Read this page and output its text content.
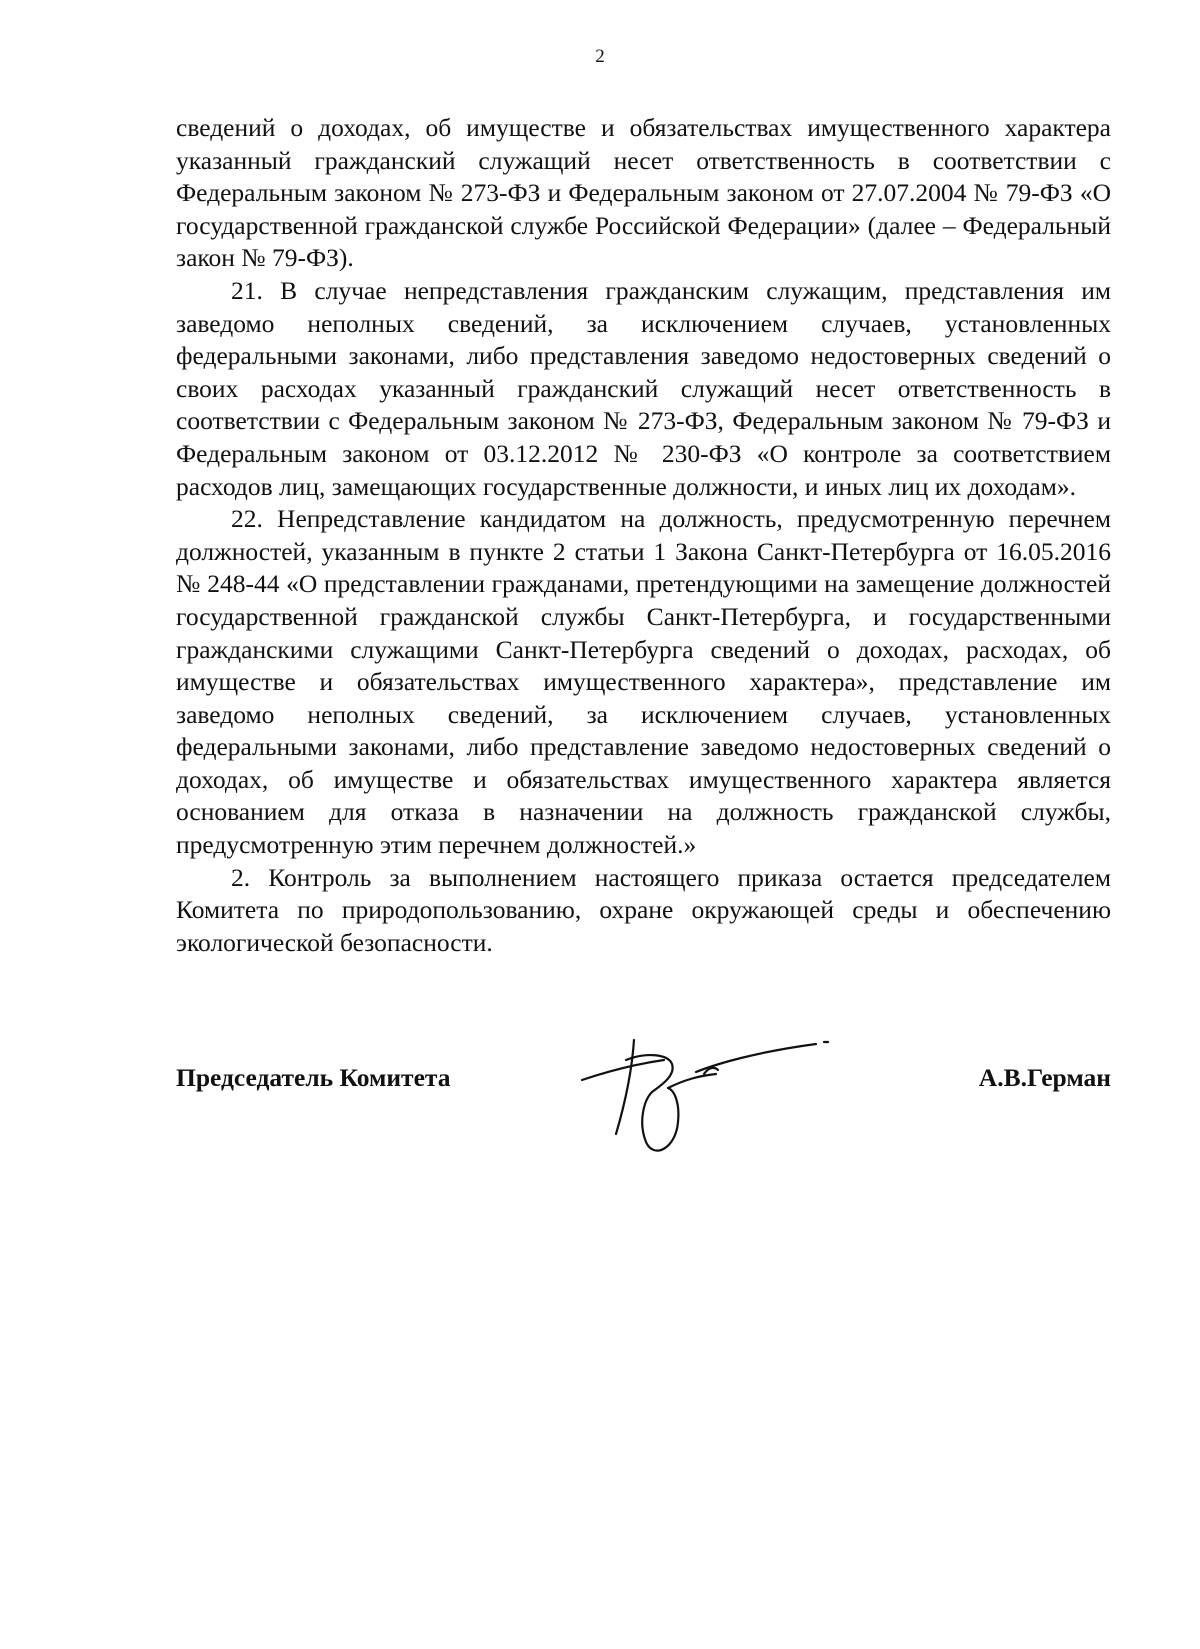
2

сведений о доходах, об имуществе и обязательствах имущественного характера указанный гражданский служащий несет ответственность в соответствии с Федеральным законом № 273-ФЗ и Федеральным законом от 27.07.2004 № 79-ФЗ «О государственной гражданской службе Российской Федерации» (далее – Федеральный закон № 79-ФЗ).

21. В случае непредставления гражданским служащим, представления им заведомо неполных сведений, за исключением случаев, установленных федеральными законами, либо представления заведомо недостоверных сведений о своих расходах указанный гражданский служащий несет ответственность в соответствии с Федеральным законом № 273-ФЗ, Федеральным законом № 79-ФЗ и Федеральным законом от 03.12.2012 № 230-ФЗ «О контроле за соответствием расходов лиц, замещающих государственные должности, и иных лиц их доходам».

22. Непредставление кандидатом на должность, предусмотренную перечнем должностей, указанным в пункте 2 статьи 1 Закона Санкт-Петербурга от 16.05.2016 № 248-44 «О представлении гражданами, претендующими на замещение должностей государственной гражданской службы Санкт-Петербурга, и государственными гражданскими служащими Санкт-Петербурга сведений о доходах, расходах, об имуществе и обязательствах имущественного характера», представление им заведомо неполных сведений, за исключением случаев, установленных федеральными законами, либо представление заведомо недостоверных сведений о доходах, об имуществе и обязательствах имущественного характера является основанием для отказа в назначении на должность гражданской службы, предусмотренную этим перечнем должностей.»

2. Контроль за выполнением настоящего приказа остается председателем Комитета по природопользованию, охране окружающей среды и обеспечению экологической безопасности.

Председатель Комитета	А.В.Герман
